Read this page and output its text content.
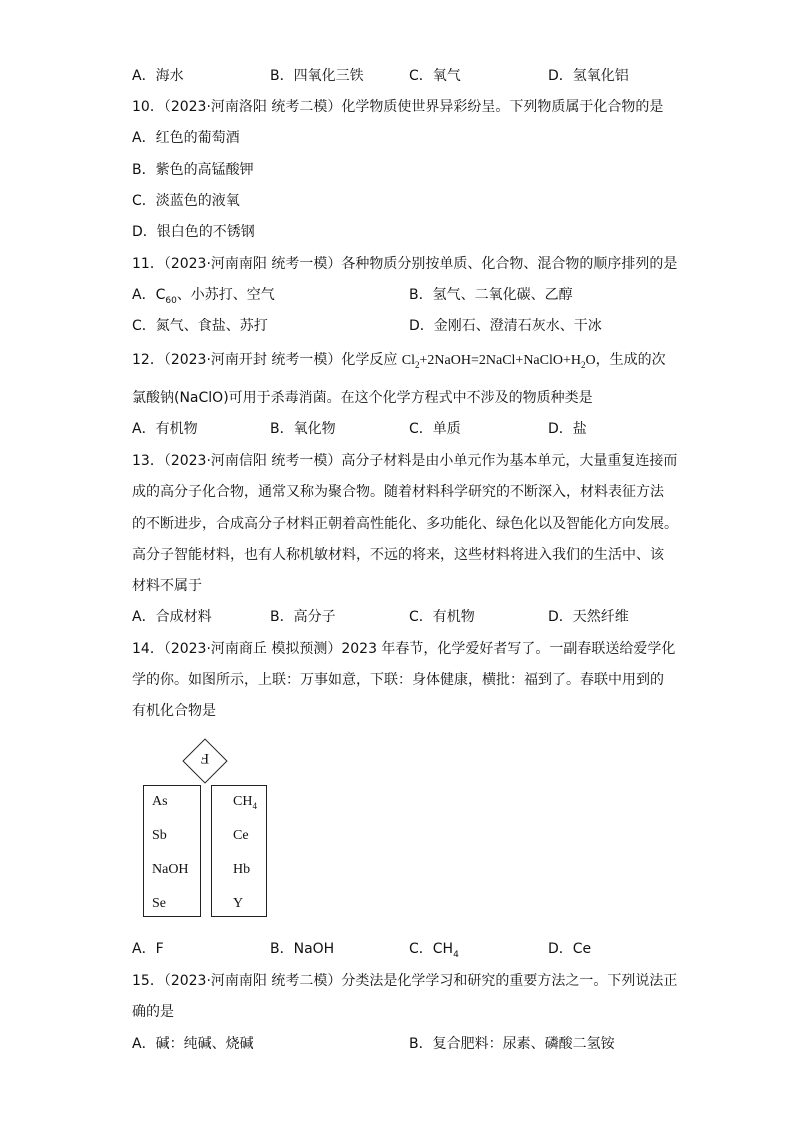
A．海水	B．四氧化三铁	C．氧气	D．氢氧化铝
10．（2023·河南洛阳 统考二模）化学物质使世界异彩纷呈。下列物质属于化合物的是
A．红色的葡萄酒
B．紫色的高锰酸钾
C．淡蓝色的液氧
D．银白色的不锈钢
11．（2023·河南南阳 统考一模）各种物质分别按单质、化合物、混合物的顺序排列的是
A．$C_{60}$、小苏打、空气	B．氢气、二氧化碳、乙醇
C．氮气、食盐、苏打	D．金刚石、澄清石灰水、干冰
12．（2023·河南开封 统考一模）化学反应 $Cl_2+2NaOH=2NaCl+NaClO+H_2O$，生成的次
氯酸钠(NaClO)可用于杀毒消菌。在这个化学方程式中不涉及的物质种类是
A．有机物	B．氧化物	C．单质	D．盐
13．（2023·河南信阳 统考一模）高分子材料是由小单元作为基本单元，大量重复连接而
成的高分子化合物，通常又称为聚合物。随着材料科学研究的不断深入，材料表征方法
的不断进步，合成高分子材料正朝着高性能化、多功能化、绿色化以及智能化方向发展。
高分子智能材料，也有人称机敏材料，不远的将来，这些材料将进入我们的生活中、该
材料不属于
A．合成材料	B．高分子	C．有机物	D．天然纤维
14．（2023·河南商丘 模拟预测）2023 年春节，化学爱好者写了。一副春联送给爱学化
学的你。如图所示，上联：万事如意，下联：身体健康，横批：福到了。春联中用到的
有机化合物是
F
As
Sb
NaOH
Se
$CH_4$
Ce
Hb
Y
A．F	B．NaOH	C．$CH_4$	D．Ce
15．（2023·河南南阳 统考二模）分类法是化学学习和研究的重要方法之一。下列说法正
确的是
A．碱：纯碱、烧碱	B．复合肥料：尿素、磷酸二氢铵
